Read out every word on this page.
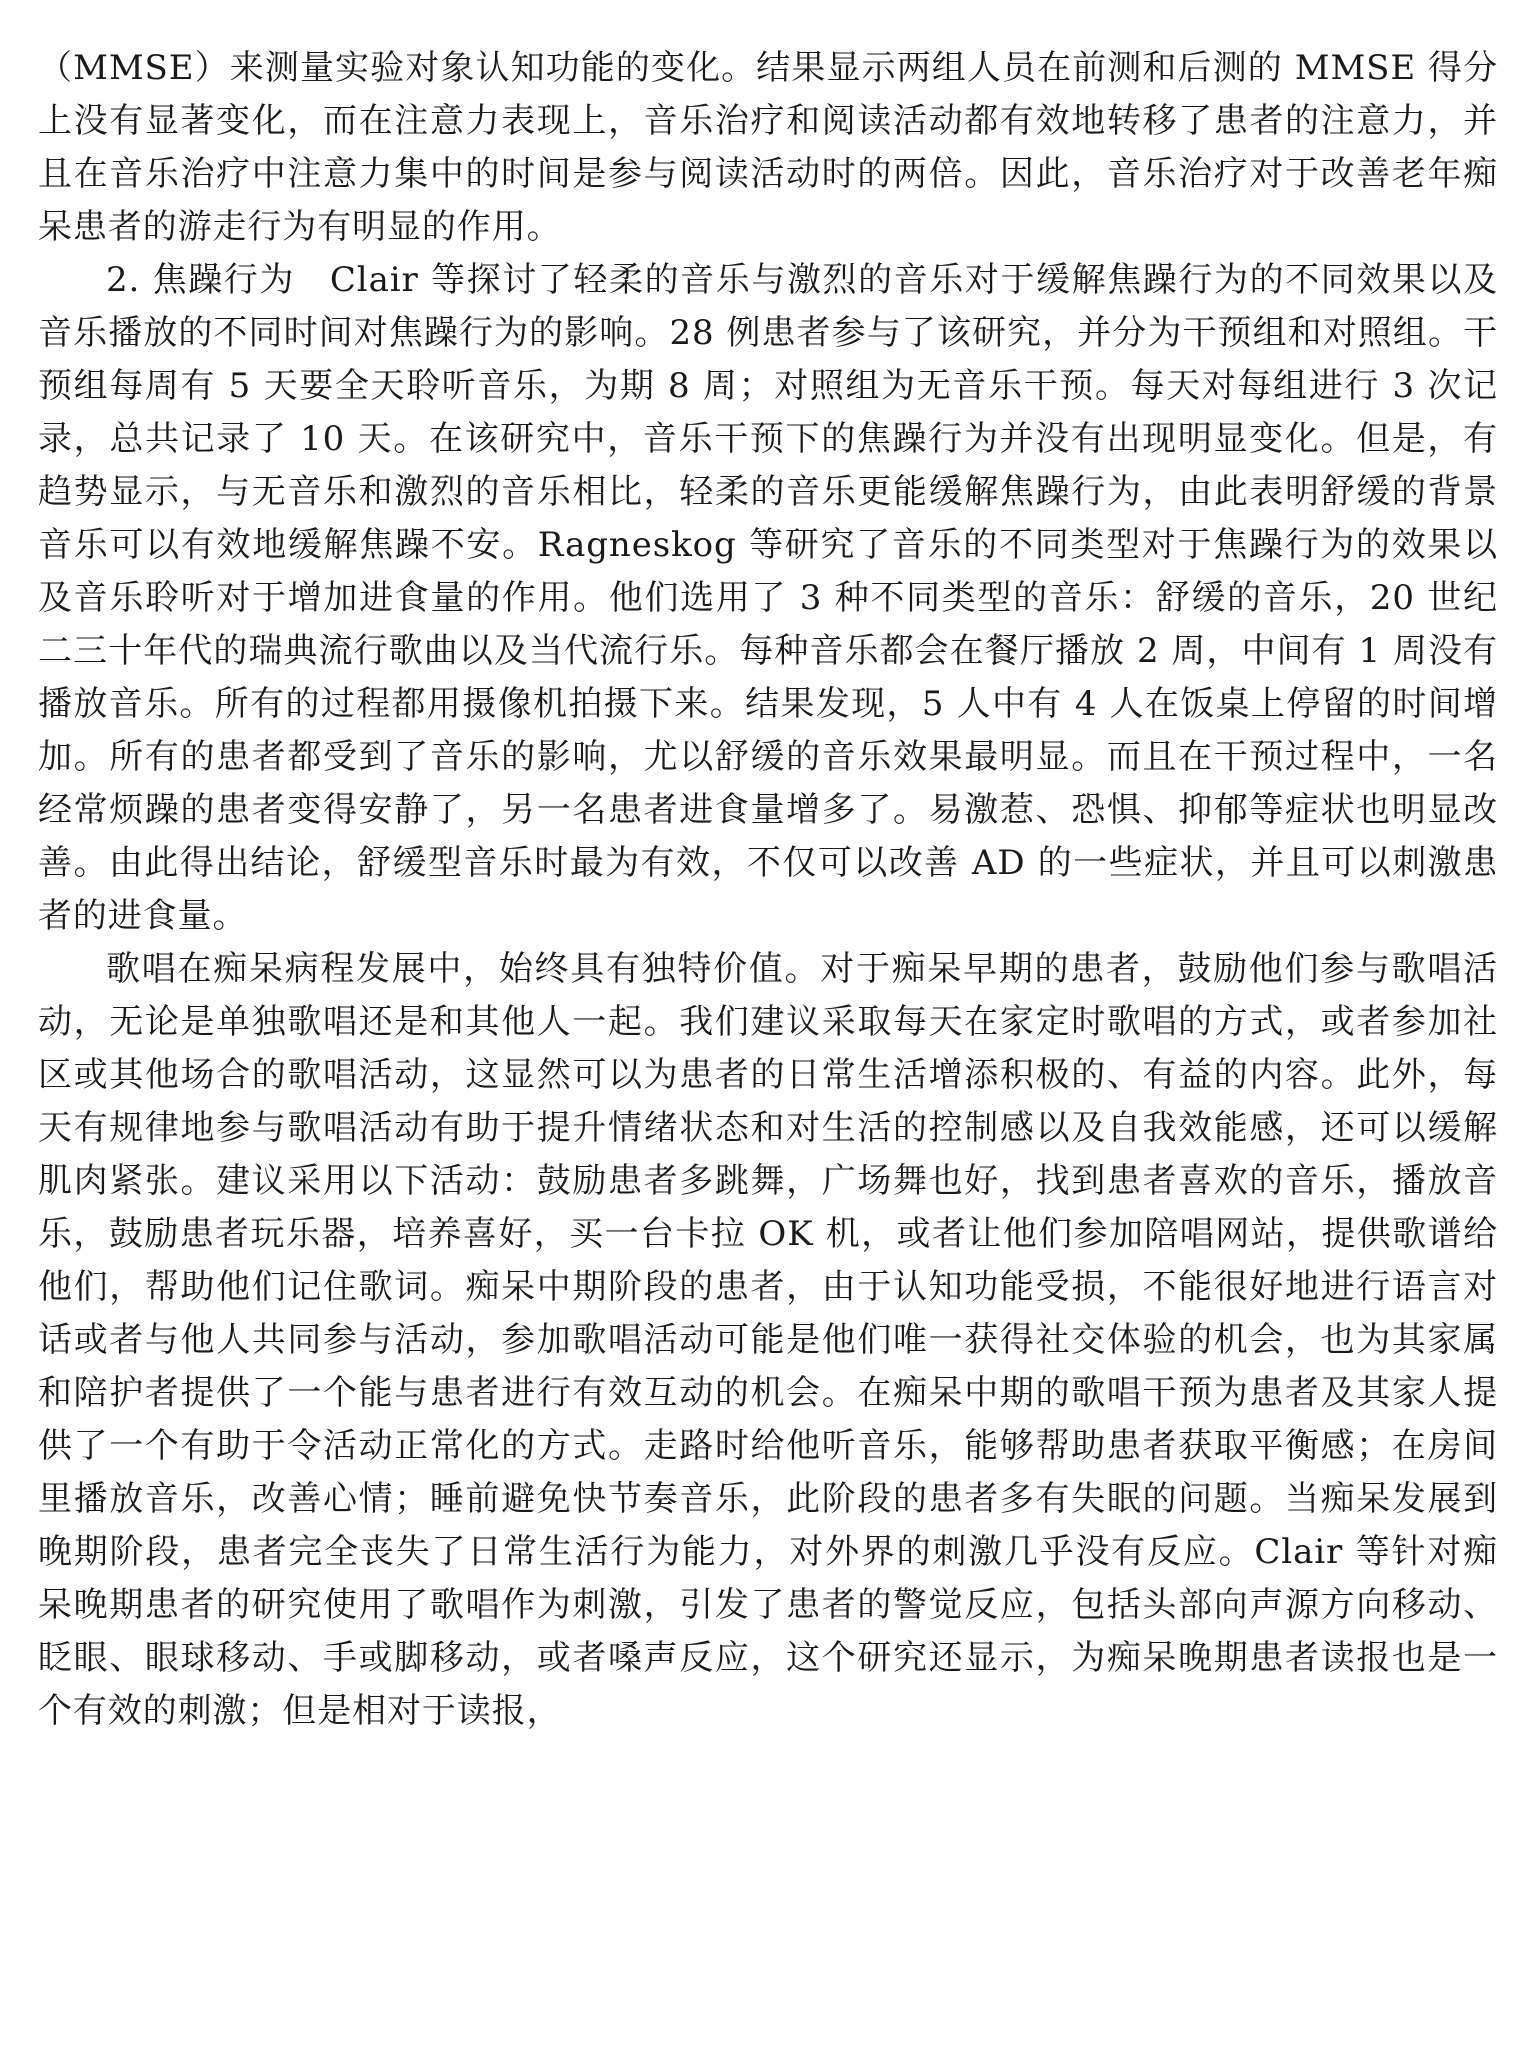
（MMSE）来测量实验对象认知功能的变化。结果显示两组人员在前测和后测的 MMSE 得分上没有显著变化，而在注意力表现上，音乐治疗和阅读活动都有效地转移了患者的注意力，并且在音乐治疗中注意力集中的时间是参与阅读活动时的两倍。因此，音乐治疗对于改善老年痴呆患者的游走行为有明显的作用。

2. 焦躁行为  Clair 等探讨了轻柔的音乐与激烈的音乐对于缓解焦躁行为的不同效果以及音乐播放的不同时间对焦躁行为的影响。28 例患者参与了该研究，并分为干预组和对照组。干预组每周有 5 天要全天聆听音乐，为期 8 周；对照组为无音乐干预。每天对每组进行 3 次记录，总共记录了 10 天。在该研究中，音乐干预下的焦躁行为并没有出现明显变化。但是，有趋势显示，与无音乐和激烈的音乐相比，轻柔的音乐更能缓解焦躁行为，由此表明舒缓的背景音乐可以有效地缓解焦躁不安。Ragneskog 等研究了音乐的不同类型对于焦躁行为的效果以及音乐聆听对于增加进食量的作用。他们选用了 3 种不同类型的音乐：舒缓的音乐，20 世纪二三十年代的瑞典流行歌曲以及当代流行乐。每种音乐都会在餐厅播放 2 周，中间有 1 周没有播放音乐。所有的过程都用摄像机拍摄下来。结果发现，5 人中有 4 人在饭桌上停留的时间增加。所有的患者都受到了音乐的影响，尤以舒缓的音乐效果最明显。而且在干预过程中，一名经常烦躁的患者变得安静了，另一名患者进食量增多了。易激惹、恐惧、抑郁等症状也明显改善。由此得出结论，舒缓型音乐时最为有效，不仅可以改善 AD 的一些症状，并且可以刺激患者的进食量。

歌唱在痴呆病程发展中，始终具有独特价值。对于痴呆早期的患者，鼓励他们参与歌唱活动，无论是单独歌唱还是和其他人一起。我们建议采取每天在家定时歌唱的方式，或者参加社区或其他场合的歌唱活动，这显然可以为患者的日常生活增添积极的、有益的内容。此外，每天有规律地参与歌唱活动有助于提升情绪状态和对生活的控制感以及自我效能感，还可以缓解肌肉紧张。建议采用以下活动：鼓励患者多跳舞，广场舞也好，找到患者喜欢的音乐，播放音乐，鼓励患者玩乐器，培养喜好，买一台卡拉 OK 机，或者让他们参加陪唱网站，提供歌谱给他们，帮助他们记住歌词。痴呆中期阶段的患者，由于认知功能受损，不能很好地进行语言对话或者与他人共同参与活动，参加歌唱活动可能是他们唯一获得社交体验的机会，也为其家属和陪护者提供了一个能与患者进行有效互动的机会。在痴呆中期的歌唱干预为患者及其家人提供了一个有助于令活动正常化的方式。走路时给他听音乐，能够帮助患者获取平衡感；在房间里播放音乐，改善心情；睡前避免快节奏音乐，此阶段的患者多有失眠的问题。当痴呆发展到晚期阶段，患者完全丧失了日常生活行为能力，对外界的刺激几乎没有反应。Clair 等针对痴呆晚期患者的研究使用了歌唱作为刺激，引发了患者的警觉反应，包括头部向声源方向移动、眨眼、眼球移动、手或脚移动，或者嗓声反应，这个研究还显示，为痴呆晚期患者读报也是一个有效的刺激；但是相对于读报，
